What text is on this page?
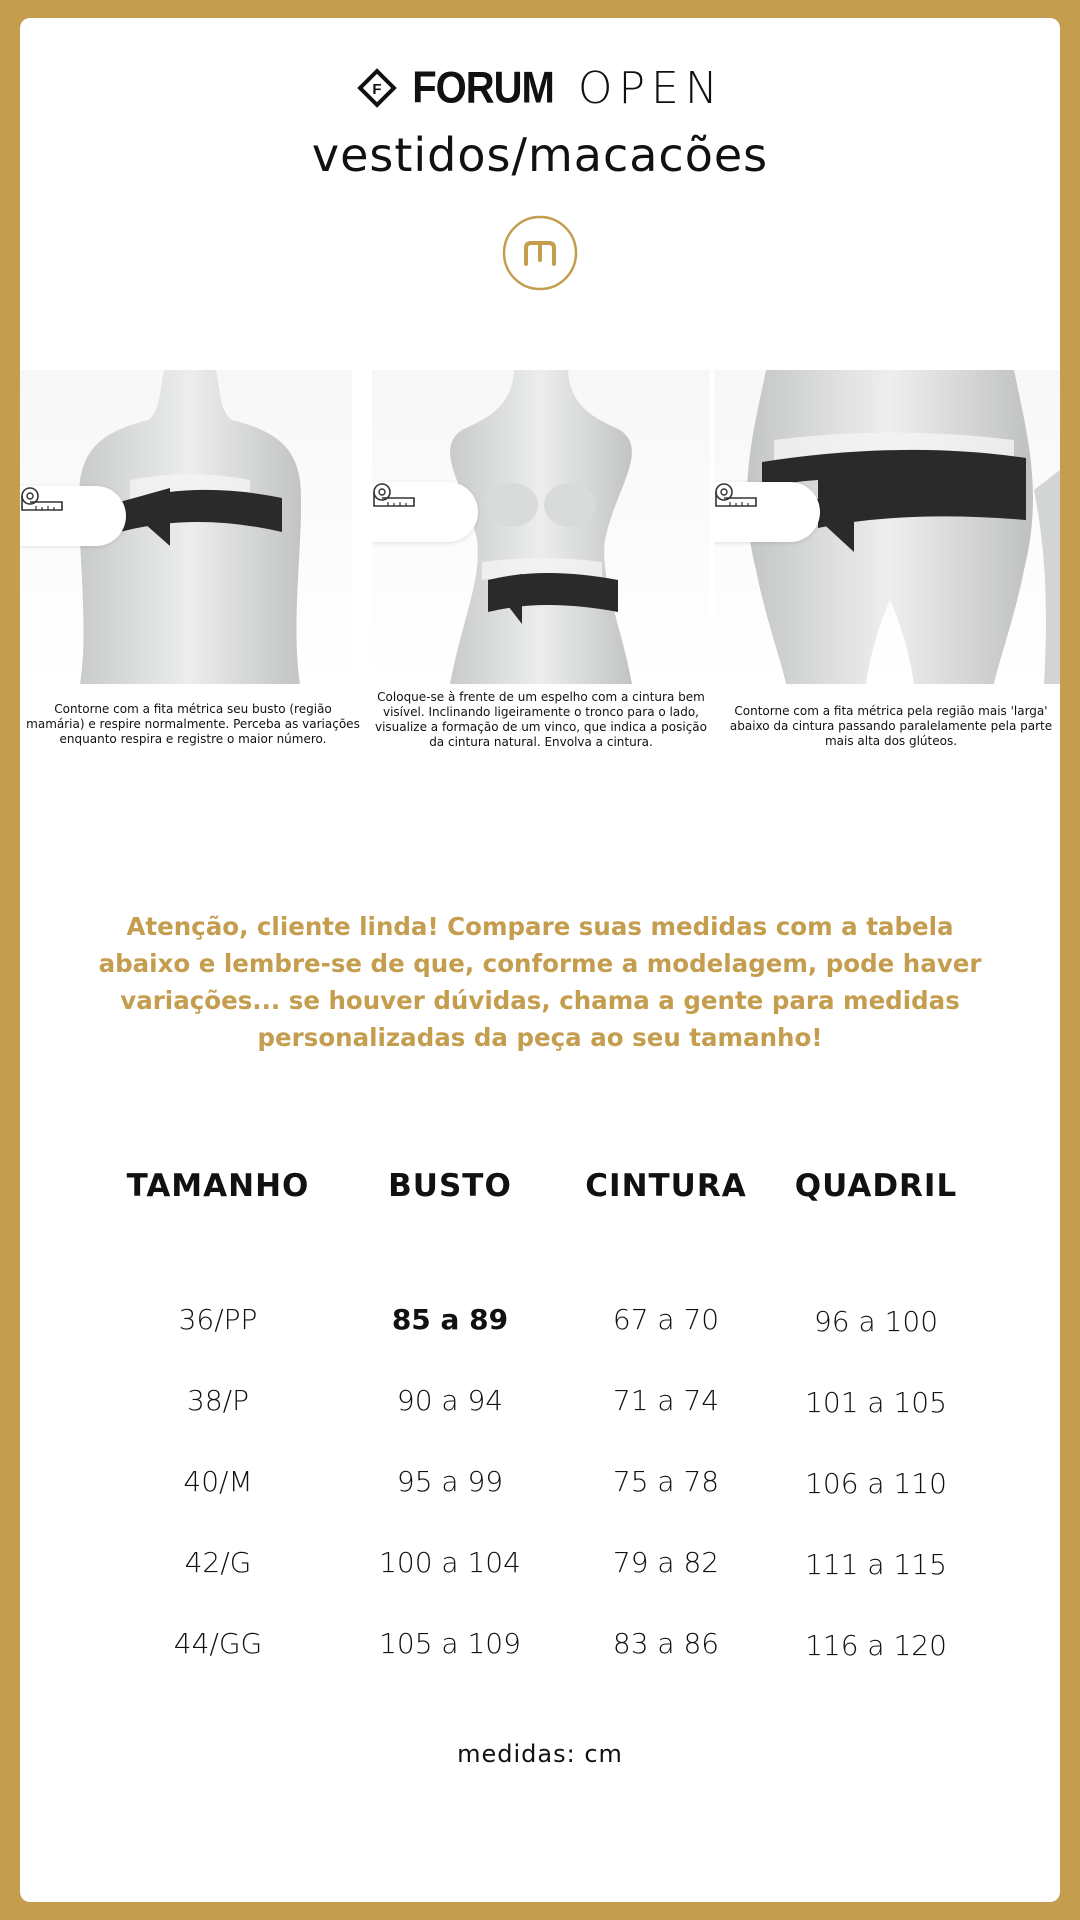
F FORUM OPEN
vestidos/macacões
Contorne com a fita métrica seu busto (região mamária) e respire normalmente. Perceba as variações enquanto respira e registre o maior número.
Coloque-se à frente de um espelho com a cintura bem visível. Inclinando ligeiramente o tronco para o lado, visualize a formação de um vinco, que indica a posição da cintura natural. Envolva a cintura.
Contorne com a fita métrica pela região mais 'larga' abaixo da cintura passando paralelamente pela parte mais alta dos glúteos.
Atenção, cliente linda! Compare suas medidas com a tabela abaixo e lembre-se de que, conforme a modelagem, pode haver variações... se houver dúvidas, chama a gente para medidas personalizadas da peça ao seu tamanho!
TAMANHO	BUSTO	CINTURA	QUADRIL
36/PP	85 a 89	67 a 70	96 a 100
38/P	90 a 94	71 a 74	101 a 105
40/M	95 a 99	75 a 78	106 a 110
42/G	100 a 104	79 a 82	111 a 115
44/GG	105 a 109	83 a 86	116 a 120
medidas: cm
